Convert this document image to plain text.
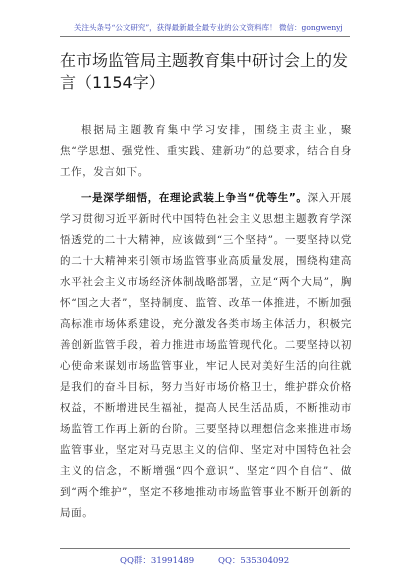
关注头条号“公文研究”，获得最新最全最专业的公文资料库！ 微信：gongwenyj
在市场监管局主题教育集中研讨会上的发言（1154字）

根据局主题教育集中学习安排，围绕主责主业，聚焦“学思想、强党性、重实践、建新功”的总要求，结合自身工作，发言如下。

一是深学细悟，在理论武装上争当“优等生”。深入开展学习贯彻习近平新时代中国特色社会主义思想主题教育学深悟透党的二十大精神，应该做到“三个坚持”。一要坚持以党的二十大精神来引领市场监管事业高质量发展，围绕构建高水平社会主义市场经济体制战略部署，立足“两个大局”，胸怀“国之大者”，坚持制度、监管、改革一体推进，不断加强高标准市场体系建设，充分激发各类市场主体活力，积极完善创新监管手段，着力推进市场监管现代化。二要坚持以初心使命来谋划市场监管事业，牢记人民对美好生活的向往就是我们的奋斗目标，努力当好市场价格卫士，维护群众价格权益，不断增进民生福祉，提高人民生活品质，不断推动市场监管工作再上新的台阶。三要坚持以理想信念来推进市场监管事业，坚定对马克思主义的信仰、坚定对中国特色社会主义的信念，不断增强“四个意识”、坚定“四个自信”、做到“两个维护”，坚定不移地推动市场监管事业不断开创新的局面。

QQ群：31991489	QQ：535304092
